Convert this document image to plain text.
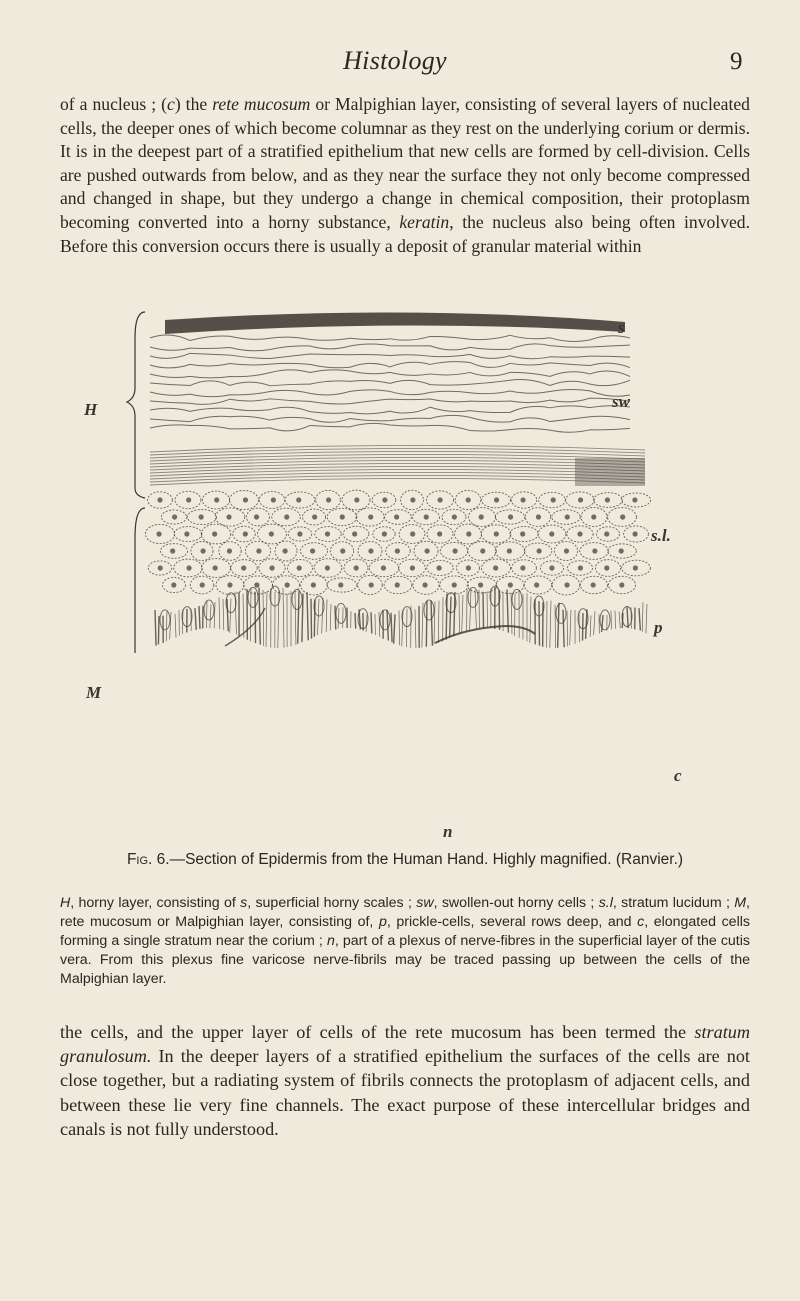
Histology	9
of a nucleus ; (c) the rete mucosum or Malpighian layer, consisting of several layers of nucleated cells, the deeper ones of which become columnar as they rest on the underlying corium or dermis. It is in the deepest part of a stratified epithelium that new cells are formed by cell-division. Cells are pushed outwards from below, and as they near the surface they not only become compressed and changed in shape, but they undergo a change in chemical composition, their protoplasm becoming converted into a horny substance, keratin, the nucleus also being often involved. Before this conversion occurs there is usually a deposit of granular material within
s
sw
s.l.
H
p
M
c
n
Fig. 6.—Section of Epidermis from the Human Hand. Highly magnified. (Ranvier.)
H, horny layer, consisting of s, superficial horny scales ; sw, swollen-out horny cells ; s.l, stratum lucidum ; M, rete mucosum or Malpighian layer, consisting of, p, prickle-cells, several rows deep, and c, elongated cells forming a single stratum near the corium ; n, part of a plexus of nerve-fibres in the superficial layer of the cutis vera. From this plexus fine varicose nerve-fibrils may be traced passing up between the cells of the Malpighian layer.
the cells, and the upper layer of cells of the rete mucosum has been termed the stratum granulosum. In the deeper layers of a stratified epithelium the surfaces of the cells are not close together, but a radiating system of fibrils connects the protoplasm of adjacent cells, and between these lie very fine channels. The exact purpose of these intercellular bridges and canals is not fully understood.
